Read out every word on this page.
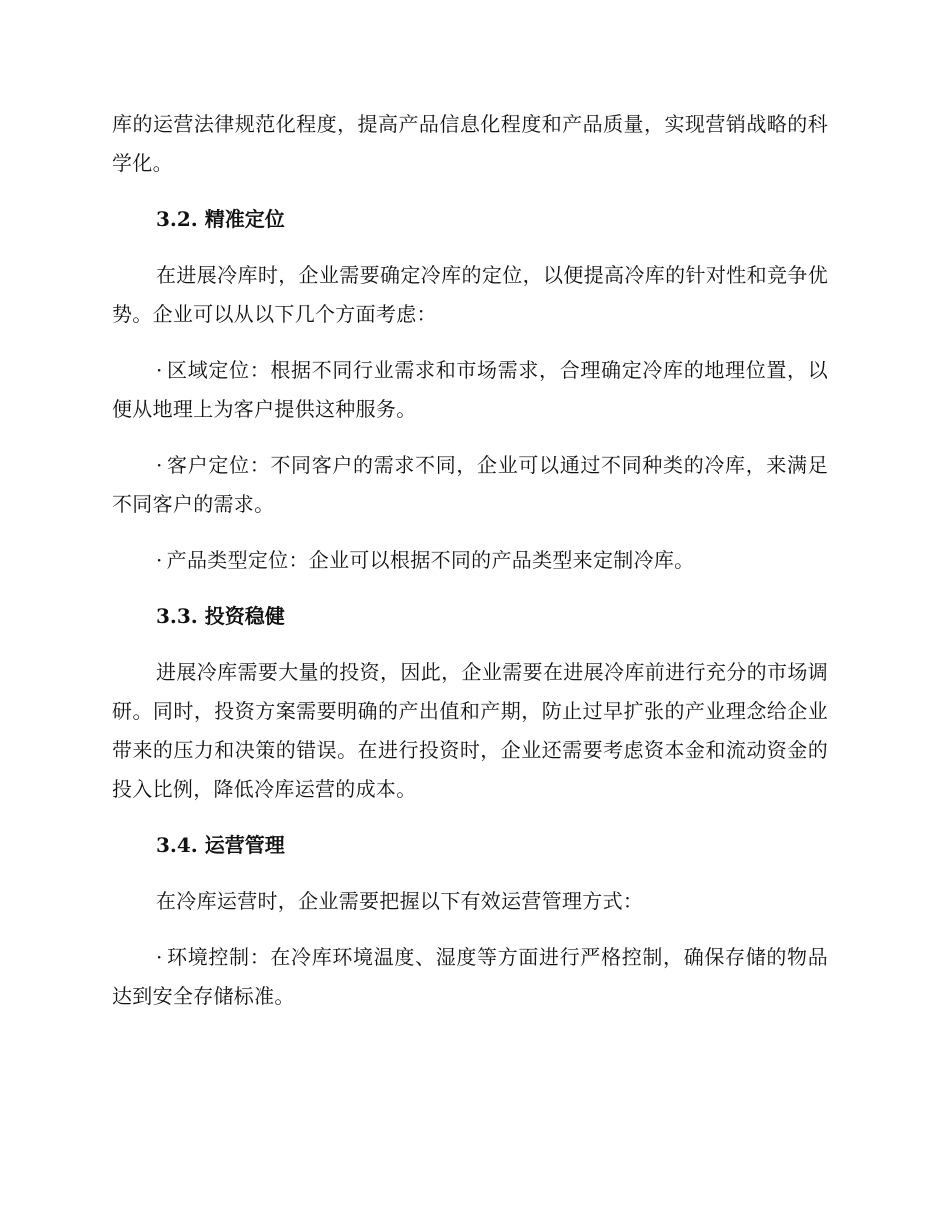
库的运营法律规范化程度，提高产品信息化程度和产品质量，实现营销战略的科学化。

3.2. 精准定位

在进展冷库时，企业需要确定冷库的定位，以便提高冷库的针对性和竞争优势。企业可以从以下几个方面考虑：

· 区域定位：根据不同行业需求和市场需求，合理确定冷库的地理位置，以便从地理上为客户提供这种服务。

· 客户定位：不同客户的需求不同，企业可以通过不同种类的冷库，来满足不同客户的需求。

· 产品类型定位：企业可以根据不同的产品类型来定制冷库。

3.3. 投资稳健

进展冷库需要大量的投资，因此，企业需要在进展冷库前进行充分的市场调研。同时，投资方案需要明确的产出值和产期，防止过早扩张的产业理念给企业带来的压力和决策的错误。在进行投资时，企业还需要考虑资本金和流动资金的投入比例，降低冷库运营的成本。

3.4. 运营管理

在冷库运营时，企业需要把握以下有效运营管理方式：

· 环境控制：在冷库环境温度、湿度等方面进行严格控制，确保存储的物品达到安全存储标准。
